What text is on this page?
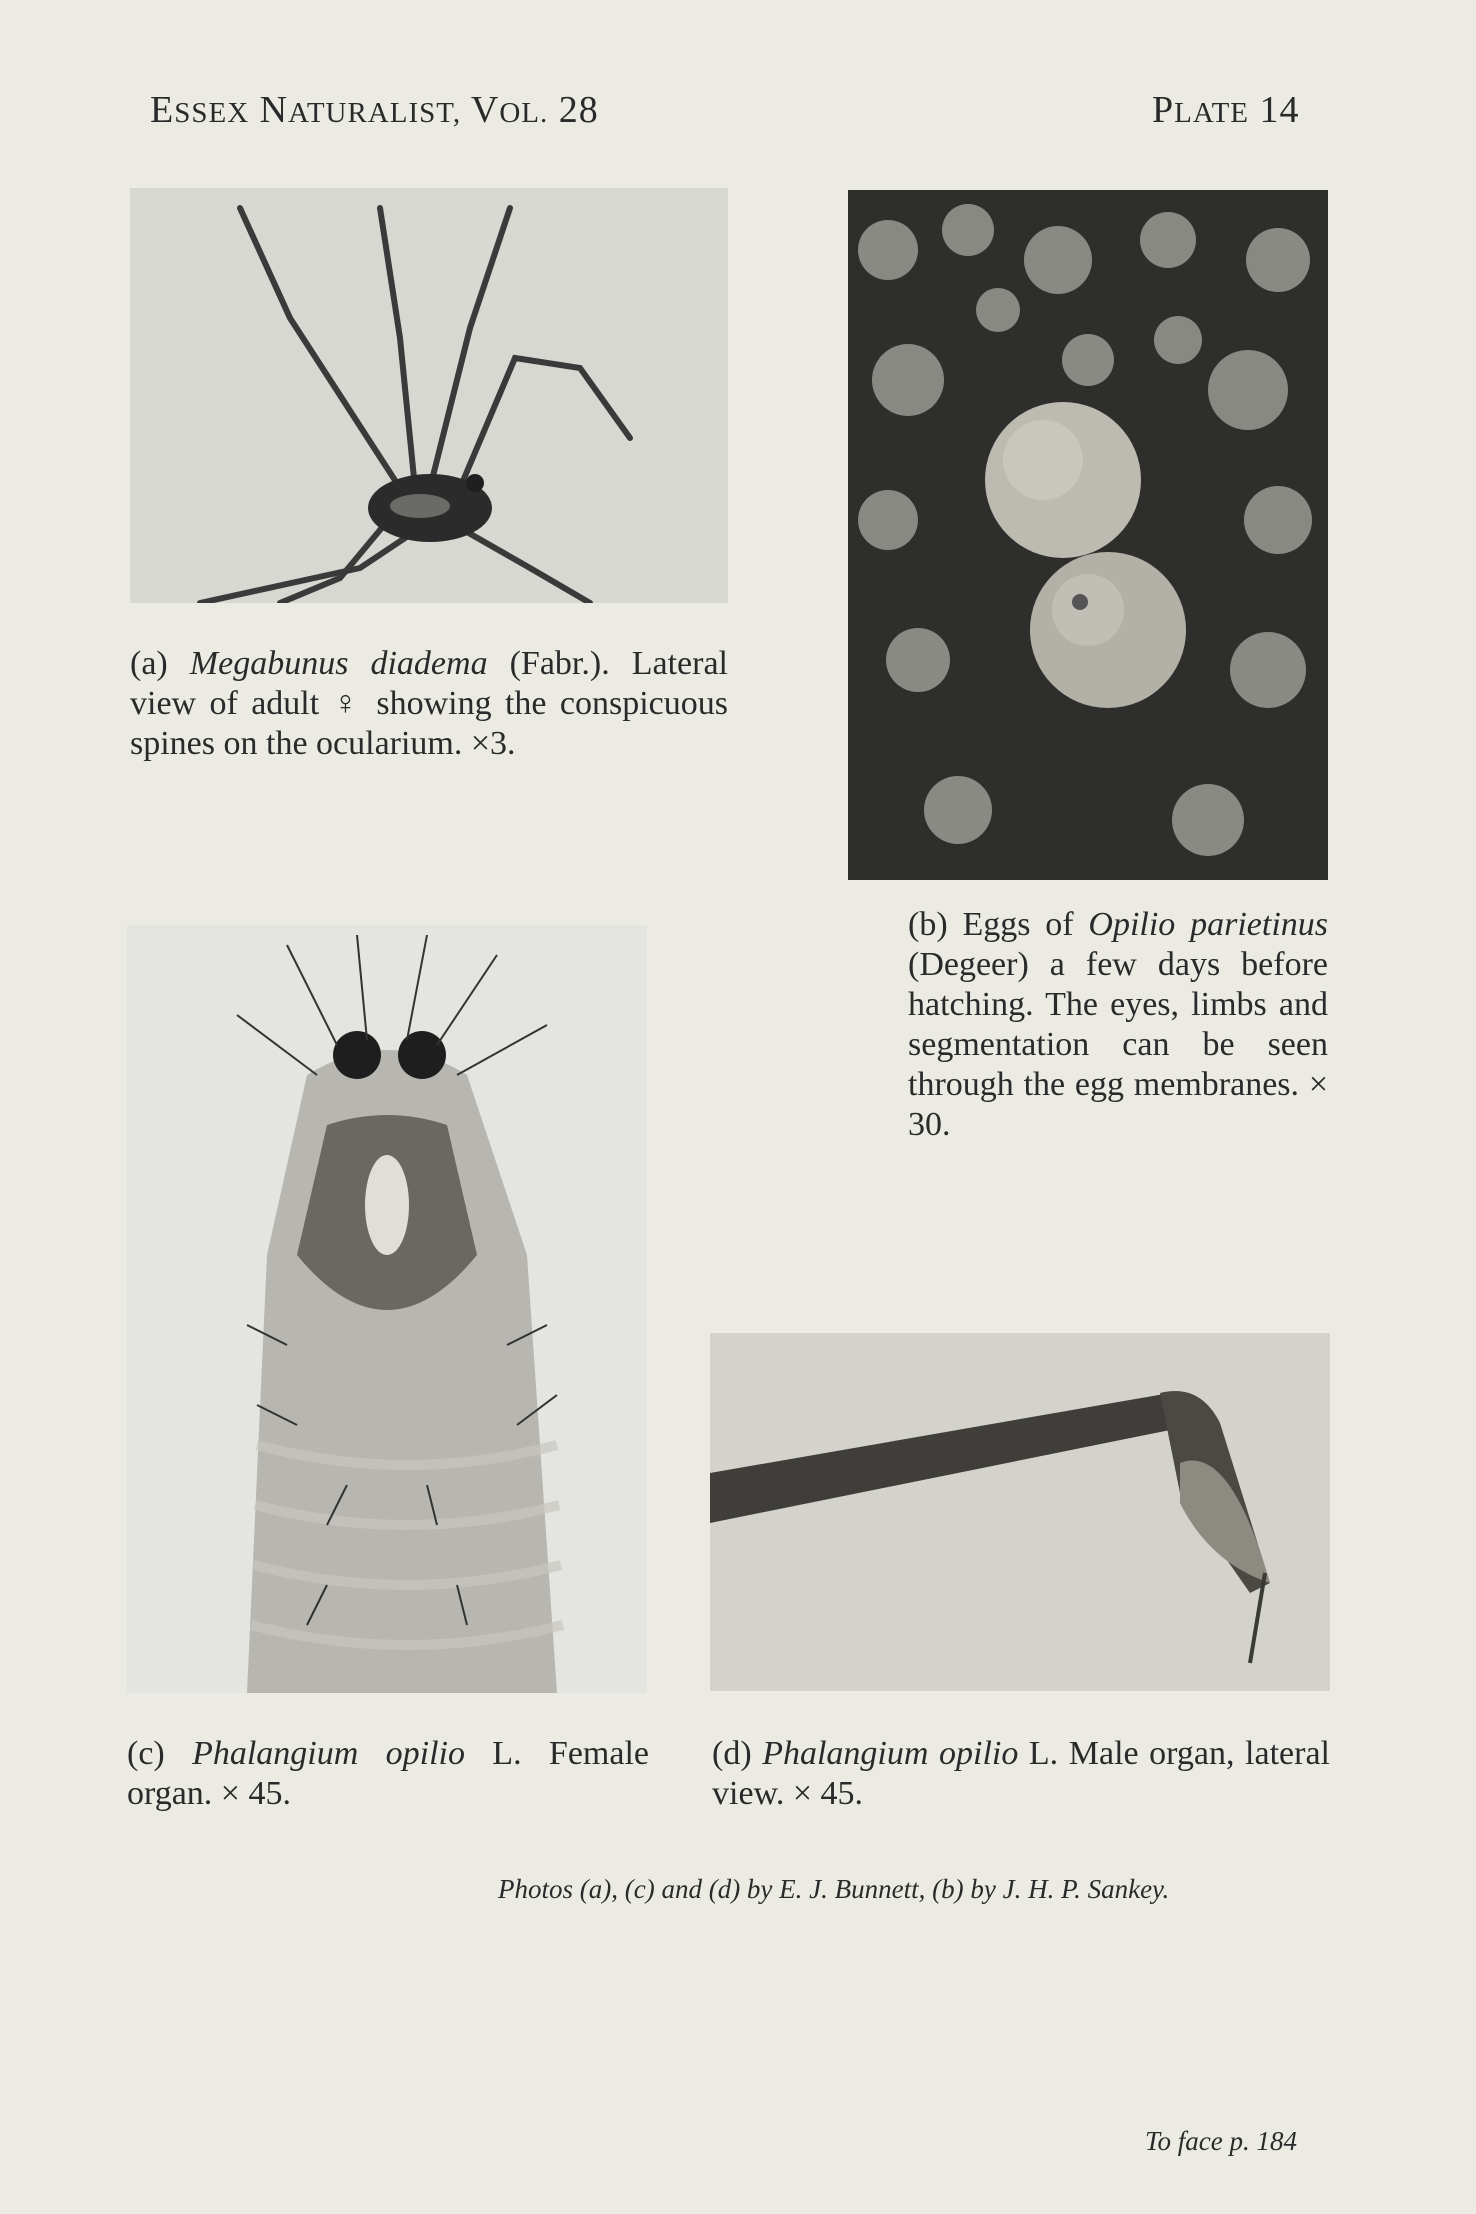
ESSEX NATURALIST, VOL. 28	PLATE 14
(a) Megabunus diadema (Fabr.). Lateral view of adult ♀ showing the conspicuous spines on the ocularium. ×3.
(b) Eggs of Opilio parietinus (Degeer) a few days before hatching. The eyes, limbs and segmentation can be seen through the egg membranes. × 30.
(c) Phalangium opilio L. Female organ. × 45.
(d) Phalangium opilio L. Male organ, lateral view. × 45.
Photos (a), (c) and (d) by E. J. Bunnett, (b) by J. H. P. Sankey.
To face p. 184
